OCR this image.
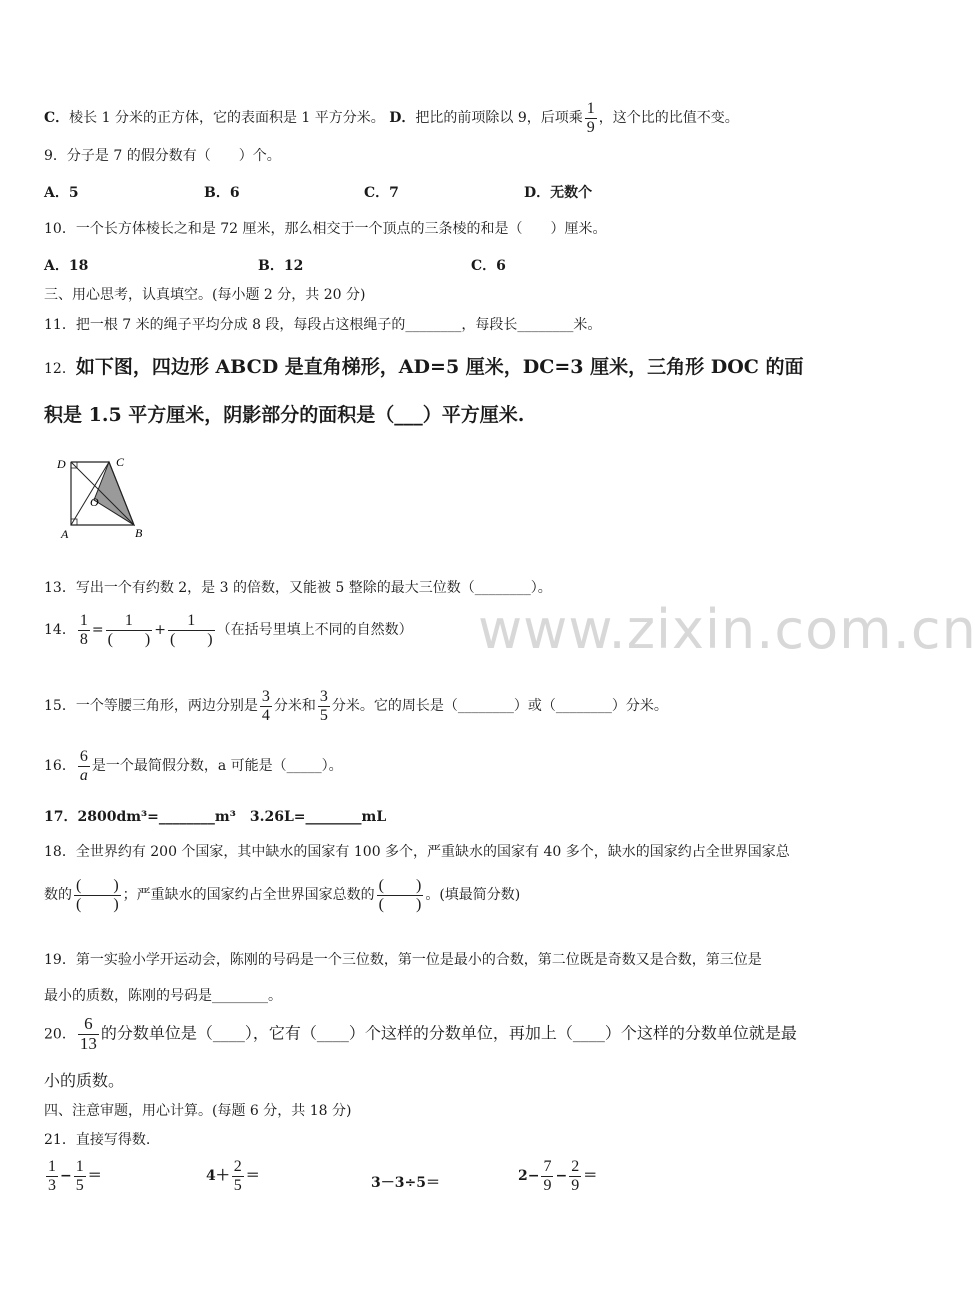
www.zixin.com.cn
C．棱长 1 分米的正方体，它的表面积是 1 平方分米。 D．把比的前项除以 9，后项乘 $\frac{1}{9}$ ，这个比的比值不变。
9．分子是 7 的假分数有（　　）个。
A．5	B．6	C．7	D．无数个
10．一个长方体棱长之和是 72 厘米，那么相交于一个顶点的三条棱的和是（　　）厘米。
A．18	B．12	C．6
三、用心思考，认真填空。(每小题 2 分，共 20 分)
11．把一根 7 米的绳子平均分成 8 段，每段占这根绳子的________，每段长________米。
12．如下图，四边形 ABCD 是直角梯形，AD=5 厘米，DC=3 厘米，三角形 DOC 的面
积是 1.5 平方厘米，阴影部分的面积是（___）平方厘米.
D	C
O
A	B
13．写出一个有约数 2，是 3 的倍数，又能被 5 整除的最大三位数（________）。
14． $\frac{1}{8} = \frac{1}{( )} + \frac{1}{( )}$ （在括号里填上不同的自然数）
15．一个等腰三角形，两边分别是 $\frac{3}{4}$ 分米和 $\frac{3}{5}$ 分米。它的周长是（________）或（________）分米。
16． $\frac{6}{a}$ 是一个最简假分数，a 可能是（_____）。
17．2800dm³=________m³　3.26L=________mL
18．全世界约有 200 个国家，其中缺水的国家有 100 多个，严重缺水的国家有 40 多个，缺水的国家约占全世界国家总
数的 $\frac{( )}{( )}$ ；严重缺水的国家约占全世界国家总数的 $\frac{( )}{( )}$ 。(填最简分数)
19．第一实验小学开运动会，陈刚的号码是一个三位数，第一位是最小的合数，第二位既是奇数又是合数，第三位是
最小的质数，陈刚的号码是________。
20． $\frac{6}{13}$ 的分数单位是（____），它有（____）个这样的分数单位，再加上（____）个这样的分数单位就是最
小的质数。
四、注意审题，用心计算。(每题 6 分，共 18 分)
21．直接写得数.
$\frac{1}{3} - \frac{1}{5}$ ＝	$4+ \frac{2}{5}$ ＝	3－3÷5＝	$2- \frac{7}{9} - \frac{2}{9}$ ＝
